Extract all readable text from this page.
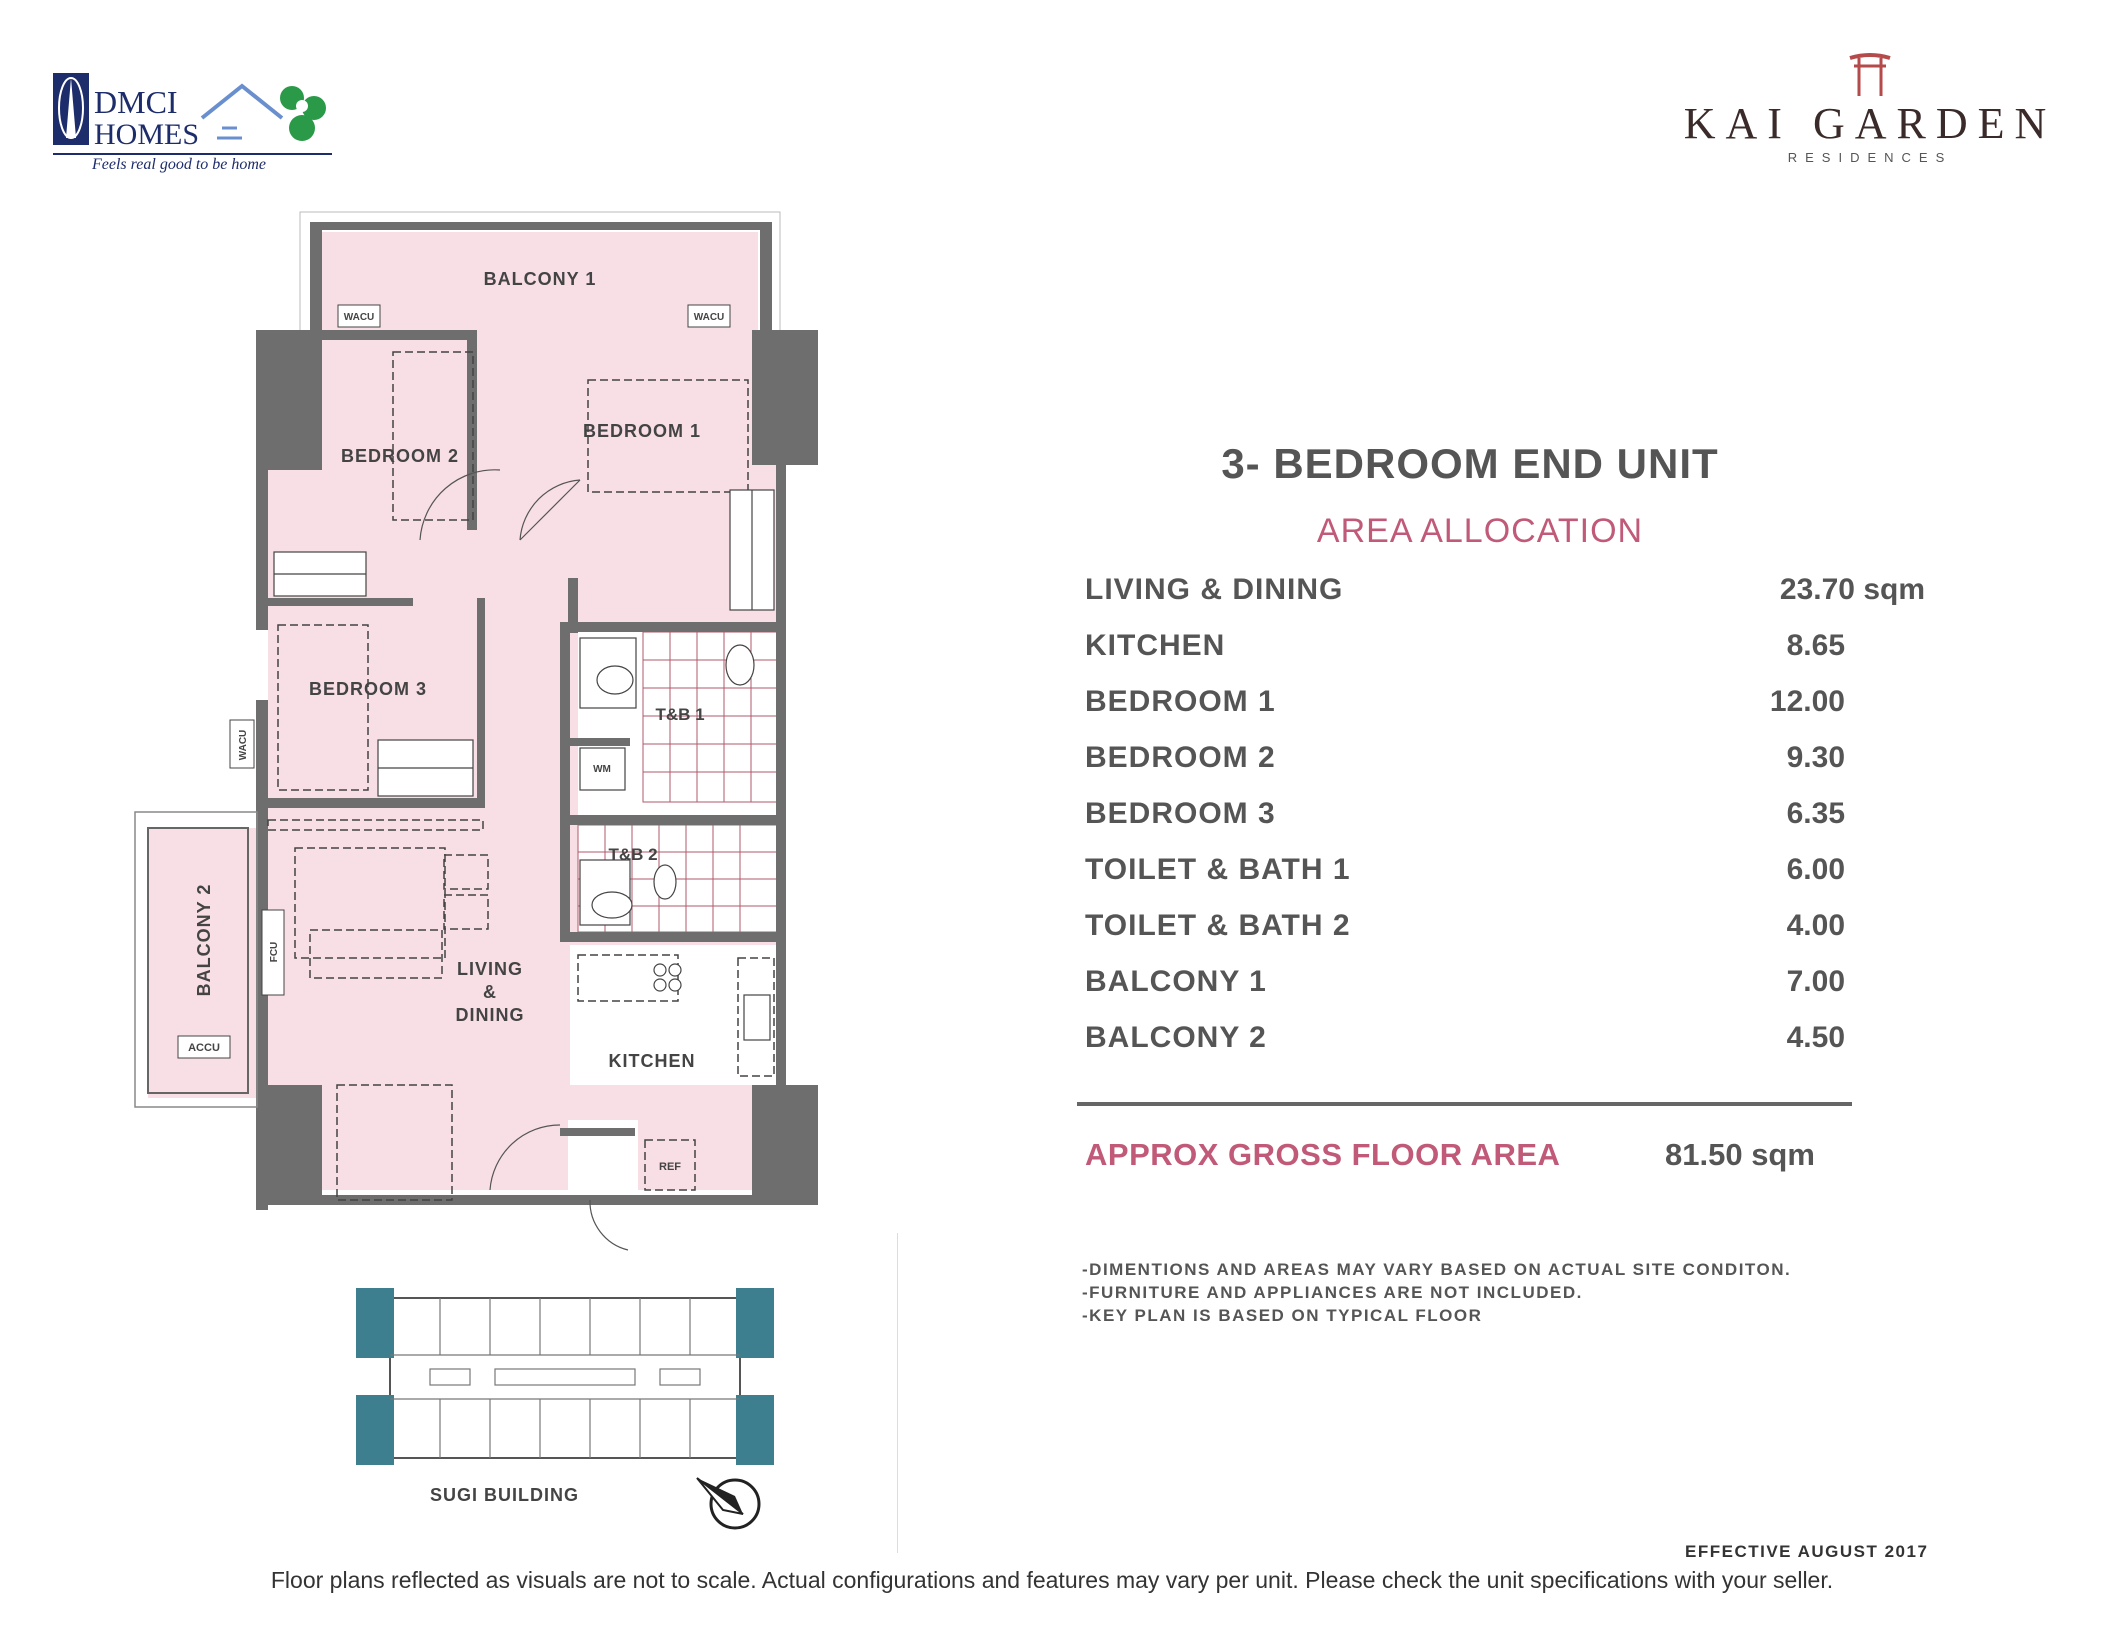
DMCI
HOMES
Feels real good to be home
KAI GARDEN
RESIDENCES
WACU	WACU
WACU
ACCU
FCU
WM
REF
BALCONY 1
BEDROOM 1
BEDROOM 2
BEDROOM 3
LIVING
&
DINING
KITCHEN
BALCONY 2
T&B 1
T&B 2
SUGI BUILDING
3- BEDROOM END UNIT
AREA ALLOCATION
LIVING & DINING	23.70 sqm
KITCHEN	8.65
BEDROOM 1	12.00
BEDROOM 2	9.30
BEDROOM 3	6.35
TOILET & BATH 1	6.00
TOILET & BATH 2	4.00
BALCONY 1	7.00
BALCONY 2	4.50
APPROX GROSS FLOOR AREA	81.50 sqm
-DIMENTIONS AND AREAS MAY VARY BASED ON ACTUAL SITE CONDITON.
-FURNITURE AND APPLIANCES ARE NOT INCLUDED.
-KEY PLAN IS BASED ON TYPICAL FLOOR
EFFECTIVE AUGUST 2017
Floor plans reflected as visuals are not to scale. Actual configurations and features may vary per unit. Please check the unit specifications with your seller.
